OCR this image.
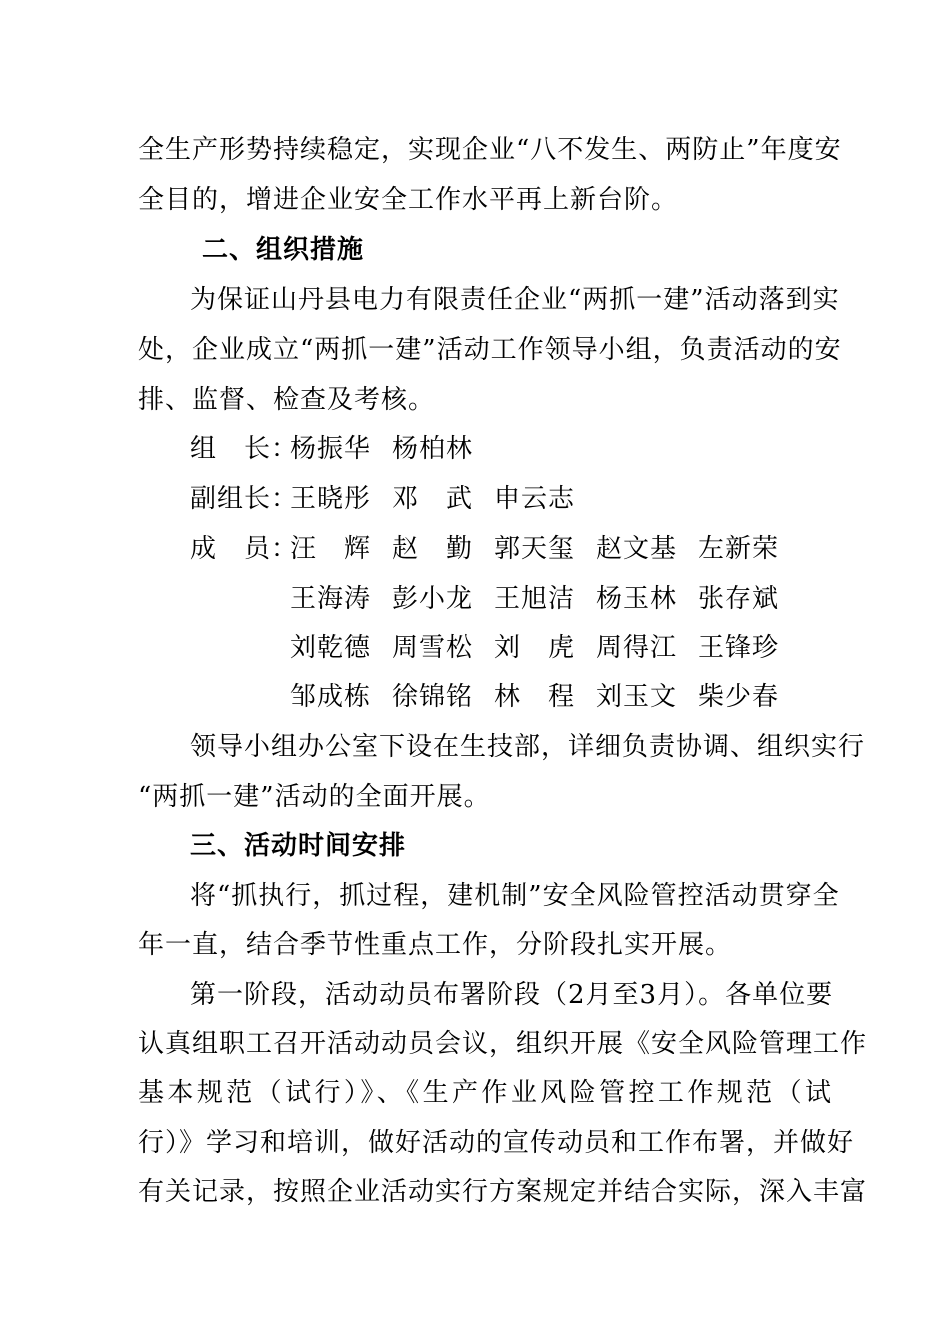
全生产形势持续稳定，实现企业“八不发生、两防止”年度安
全目的，增进企业安全工作水平再上新台阶。
二、组织措施
为保证山丹县电力有限责任企业“两抓一建”活动落到实
处，企业成立“两抓一建”活动工作领导小组，负责活动的安
排、监督、检查及考核。
组　长：
杨振华 杨柏林
副组长：
王晓彤 邓　武 申云志
成　员：
汪　辉 赵　勤 郭天玺 赵文基 左新荣
王海涛 彭小龙 王旭洁 杨玉林 张存斌
刘乾德 周雪松 刘　虎 周得江 王锋珍
邹成栋 徐锦铭 林　程 刘玉文 柴少春
领导小组办公室下设在生技部，详细负责协调、组织实行
“两抓一建”活动的全面开展。
三、活动时间安排
将“抓执行，抓过程，建机制”安全风险管控活动贯穿全
年一直，结合季节性重点工作，分阶段扎实开展。
第一阶段，活动动员布署阶段（2月至3月）。各单位要
认真组职工召开活动动员会议，组织开展《安全风险管理工作
基本规范（试行）》、《生产作业风险管控工作规范（试
行）》学习和培训，做好活动的宣传动员和工作布署，并做好
有关记录，按照企业活动实行方案规定并结合实际，深入丰富
